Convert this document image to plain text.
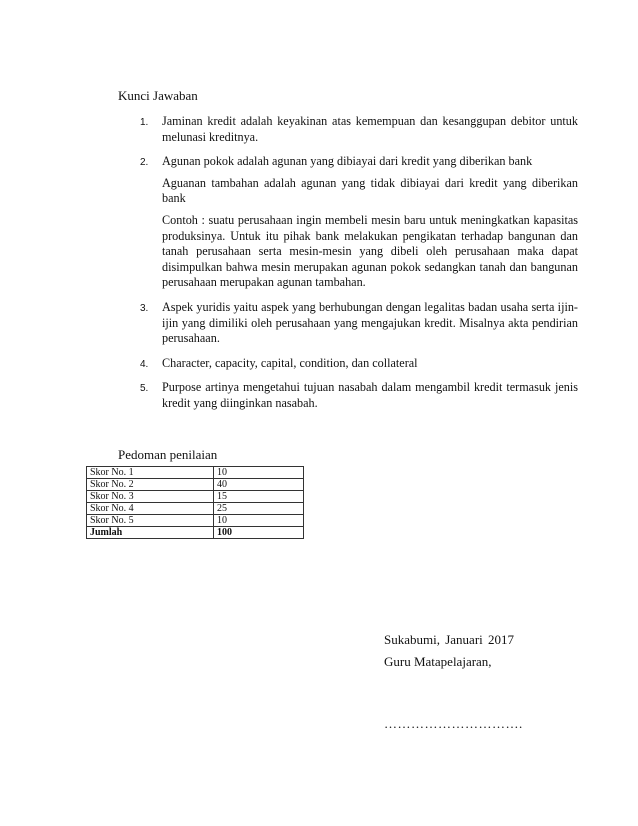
Kunci Jawaban
1. Jaminan kredit adalah keyakinan atas kemempuan dan kesanggupan debitor untuk melunasi kreditnya.

2. Agunan pokok adalah agunan yang dibiayai dari kredit yang diberikan bank

Aguanan tambahan adalah agunan yang tidak dibiayai dari kredit yang diberikan bank

Contoh : suatu perusahaan ingin membeli mesin baru untuk meningkatkan kapasitas produksinya. Untuk itu pihak bank melakukan pengikatan terhadap bangunan dan tanah perusahaan serta mesin-mesin yang dibeli oleh perusahaan maka dapat disimpulkan bahwa mesin merupakan agunan pokok sedangkan tanah dan bangunan perusahaan merupakan agunan tambahan.

3. Aspek yuridis yaitu aspek yang berhubungan dengan legalitas badan usaha serta ijin-ijin yang dimiliki oleh perusahaan yang mengajukan kredit. Misalnya akta pendirian perusahaan.

4. Character, capacity, capital, condition, dan collateral

5. Purpose artinya mengetahui tujuan nasabah dalam mengambil kredit termasuk jenis kredit yang diinginkan nasabah.

Pedoman penilaian
Skor No. 1	10
Skor No. 2	40
Skor No. 3	15
Skor No. 4	25
Skor No. 5	10
Jumlah	100
Sukabumi, Januari 2017
Guru Matapelajaran,
………………………….
